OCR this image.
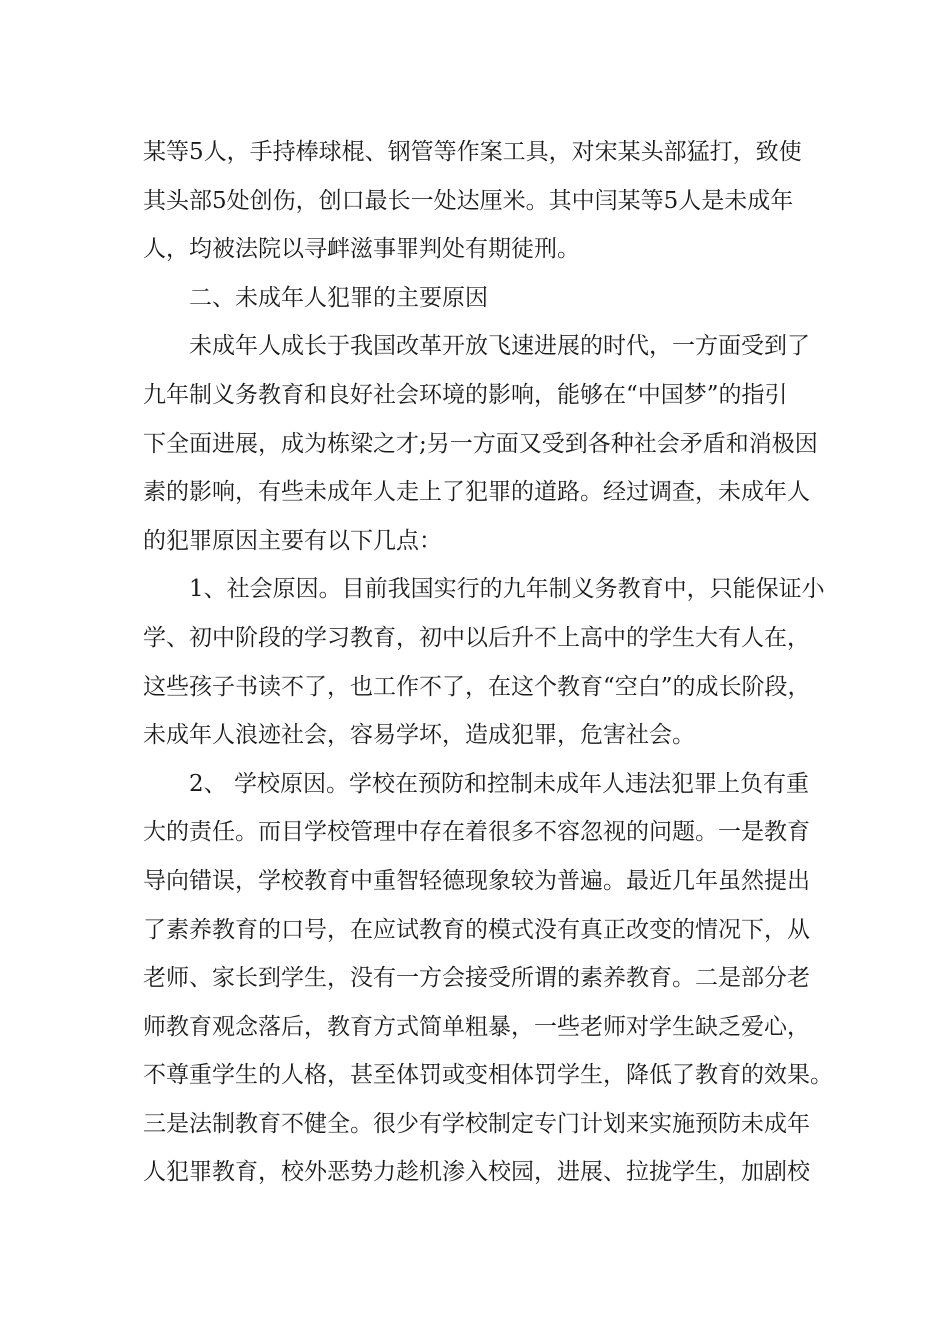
某等5人，手持棒球棍、钢管等作案工具，对宋某头部猛打，致使
其头部5处创伤，创口最长一处达厘米。其中闫某等5人是未成年
人，均被法院以寻衅滋事罪判处有期徒刑。
二、未成年人犯罪的主要原因
未成年人成长于我国改革开放飞速进展的时代，一方面受到了
九年制义务教育和良好社会环境的影响，能够在“中国梦”的指引
下全面进展，成为栋梁之才;另一方面又受到各种社会矛盾和消极因
素的影响，有些未成年人走上了犯罪的道路。经过调查，未成年人
的犯罪原因主要有以下几点：
1、社会原因。目前我国实行的九年制义务教育中，只能保证小
学、初中阶段的学习教育，初中以后升不上高中的学生大有人在，
这些孩子书读不了，也工作不了，在这个教育“空白”的成长阶段，
未成年人浪迹社会，容易学坏，造成犯罪，危害社会。
2、 学校原因。学校在预防和控制未成年人违法犯罪上负有重
大的责任。而目学校管理中存在着很多不容忽视的问题。一是教育
导向错误，学校教育中重智轻德现象较为普遍。最近几年虽然提出
了素养教育的口号，在应试教育的模式没有真正改变的情况下，从
老师、家长到学生，没有一方会接受所谓的素养教育。二是部分老
师教育观念落后，教育方式简单粗暴，一些老师对学生缺乏爱心，
不尊重学生的人格，甚至体罚或变相体罚学生，降低了教育的效果。
三是法制教育不健全。很少有学校制定专门计划来实施预防未成年
人犯罪教育，校外恶势力趁机渗入校园，进展、拉拢学生，加剧校
